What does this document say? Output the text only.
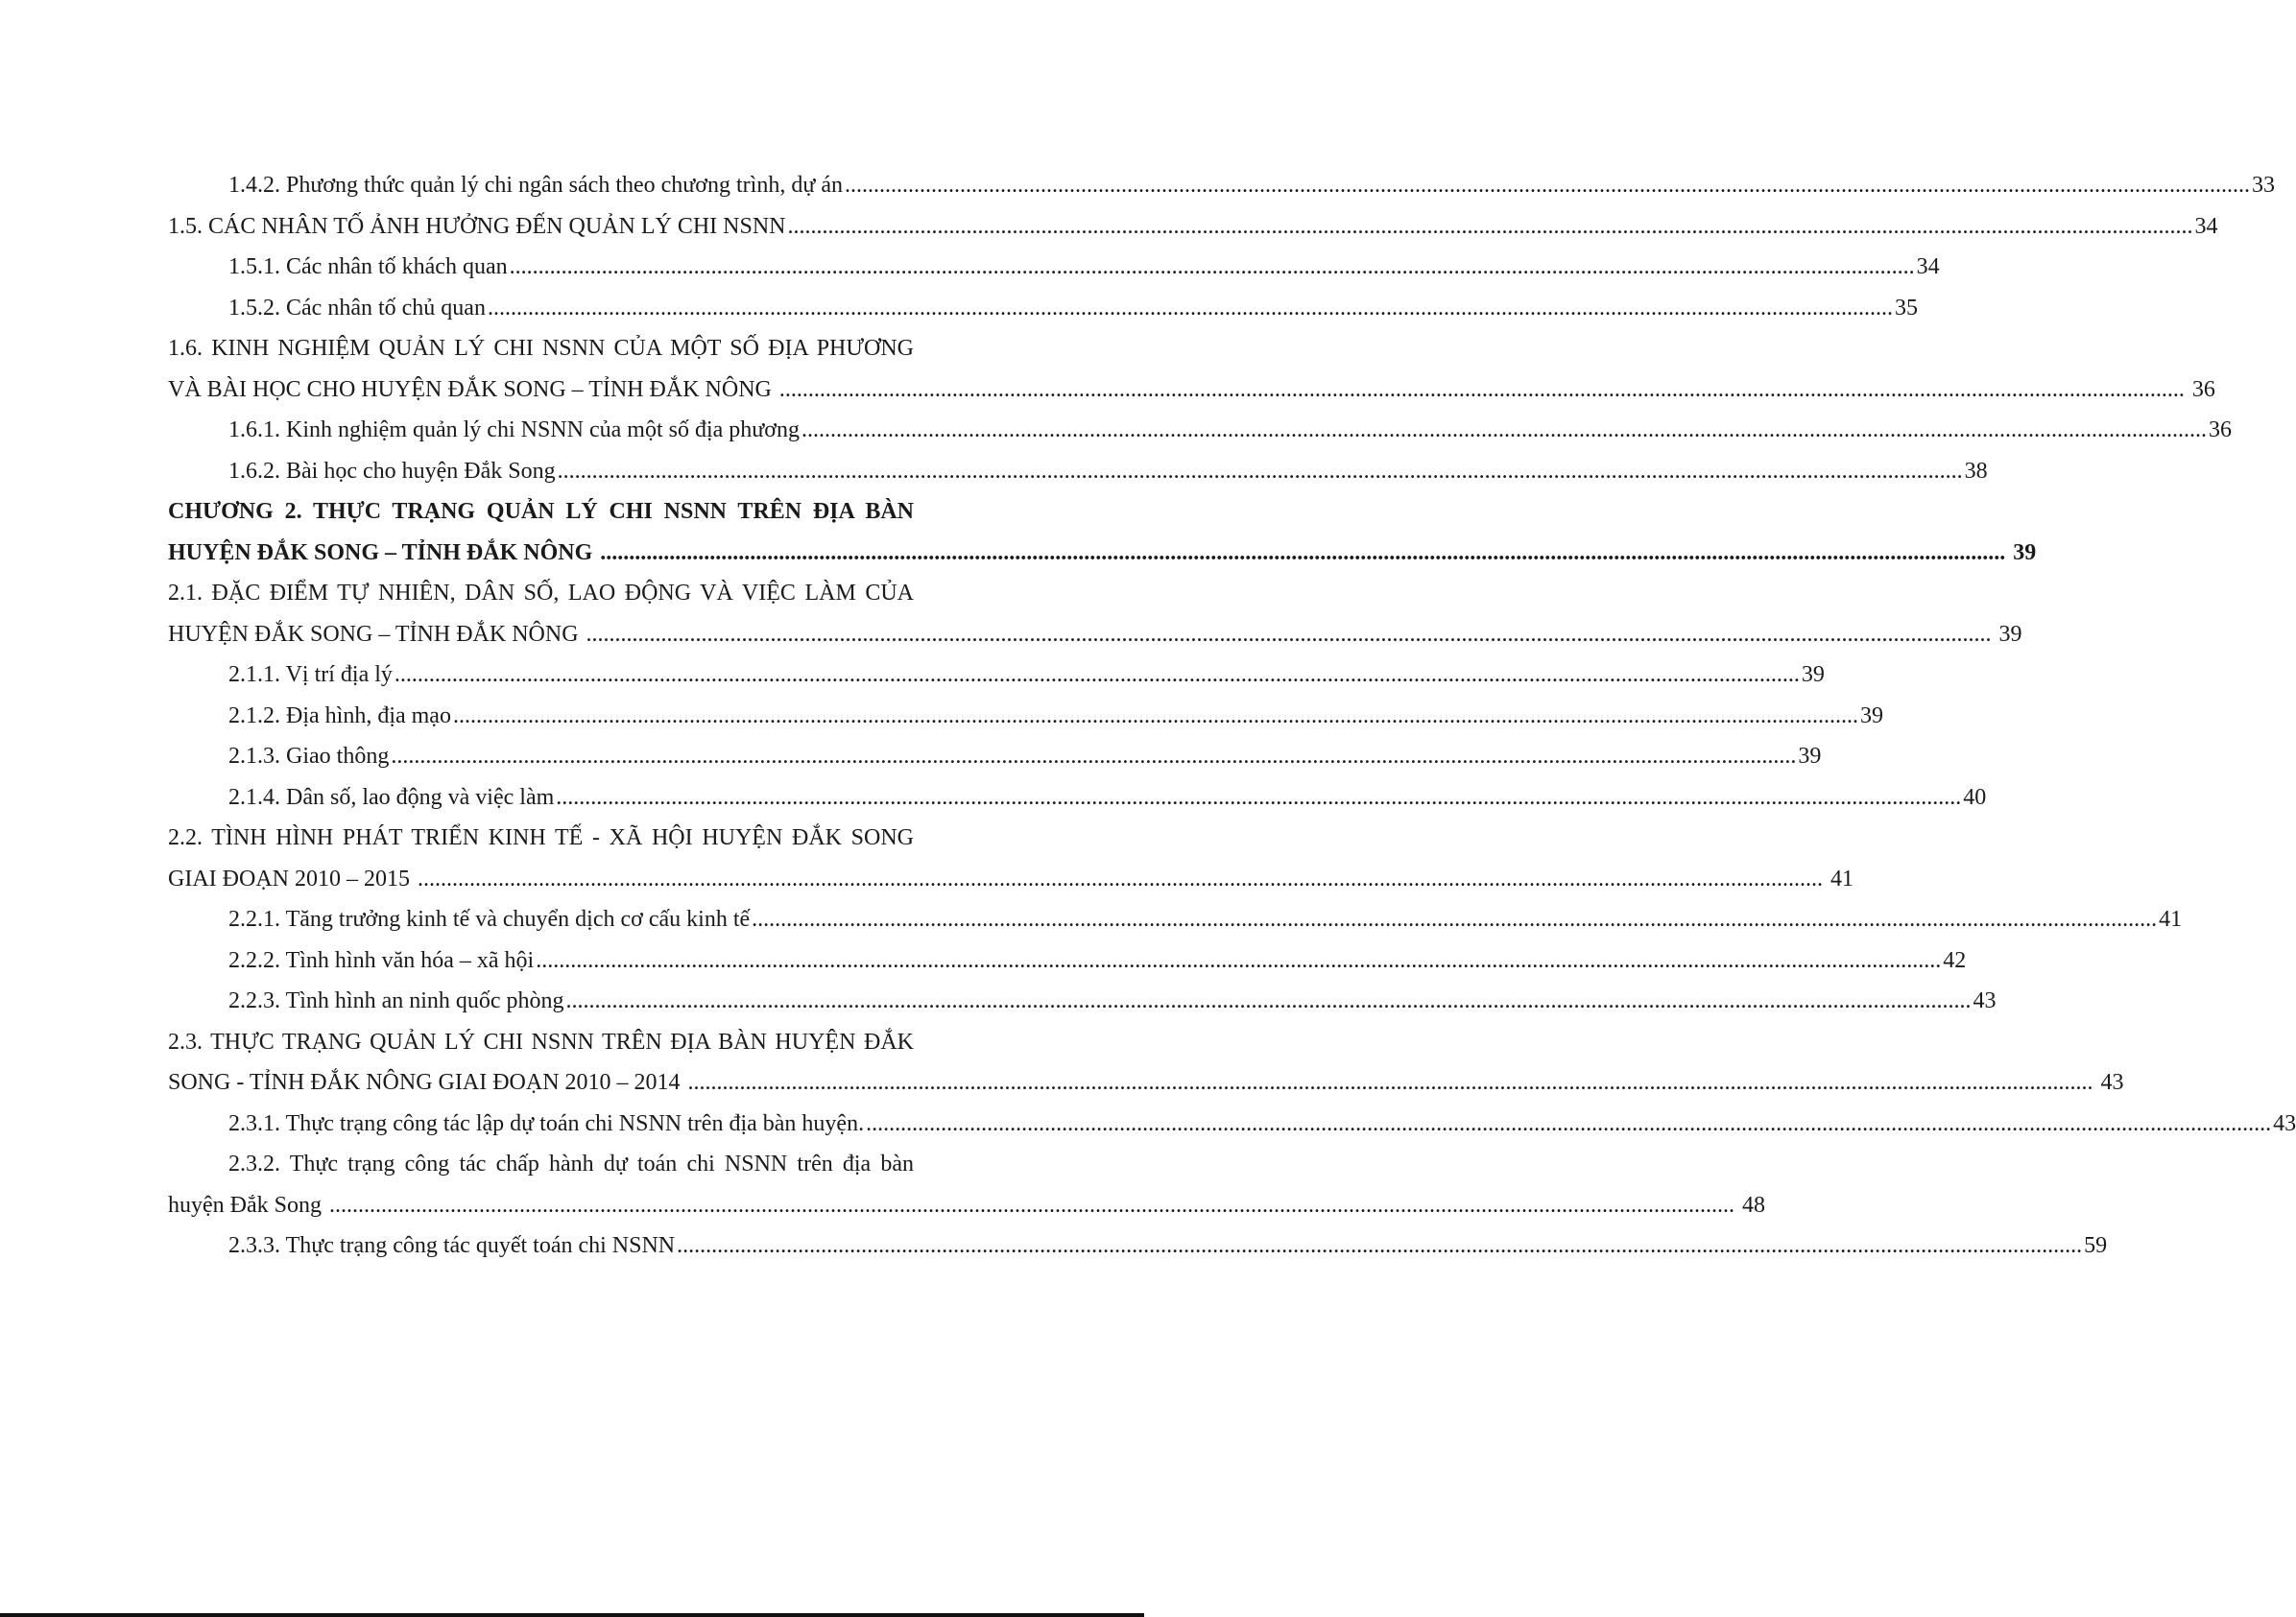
1.4.2. Phương thức quản lý chi ngân sách theo chương trình, dự án .....	33
1.5. CÁC NHÂN TỐ ẢNH HƯỞNG ĐẾN QUẢN LÝ CHI NSNN .....	34
1.5.1. Các nhân tố khách quan .....	34
1.5.2. Các nhân tố chủ quan .....	35
1.6. KINH NGHIỆM QUẢN LÝ CHI NSNN CỦA MỘT SỐ ĐỊA PHƯƠNG
VÀ BÀI HỌC CHO HUYỆN ĐẮK SONG – TỈNH ĐẮK NÔNG .....	36
1.6.1. Kinh nghiệm quản lý chi NSNN của một số địa phương .....	36
1.6.2. Bài học cho huyện Đắk Song .....	38
CHƯƠNG 2. THỰC TRẠNG QUẢN LÝ CHI NSNN TRÊN ĐỊA BÀN
HUYỆN ĐẮK SONG – TỈNH ĐẮK NÔNG .....	39
2.1. ĐẶC ĐIỂM TỰ NHIÊN, DÂN SỐ, LAO ĐỘNG VÀ VIỆC LÀM CỦA
HUYỆN ĐẮK SONG – TỈNH ĐẮK NÔNG .....	39
2.1.1. Vị trí địa lý .....	39
2.1.2. Địa hình, địa mạo .....	39
2.1.3. Giao thông .....	39
2.1.4. Dân số, lao động và việc làm .....	40
2.2. TÌNH HÌNH PHÁT TRIỂN KINH TẾ - XÃ HỘI HUYỆN ĐẮK SONG
GIAI ĐOẠN 2010 – 2015 .....	41
2.2.1. Tăng trưởng kinh tế và chuyển dịch cơ cấu kinh tế .....	41
2.2.2. Tình hình văn hóa – xã hội .....	42
2.2.3. Tình hình an ninh quốc phòng .....	43
2.3. THỰC TRẠNG QUẢN LÝ CHI NSNN TRÊN ĐỊA BÀN HUYỆN ĐẮK
SONG - TỈNH ĐẮK NÔNG GIAI ĐOẠN 2010 – 2014 .....	43
2.3.1. Thực trạng công tác lập dự toán chi NSNN trên địa bàn huyện. .....	43
2.3.2. Thực trạng công tác chấp hành dự toán chi NSNN trên địa bàn
huyện Đắk Song .....	48
2.3.3. Thực trạng công tác quyết toán chi NSNN .....	59
